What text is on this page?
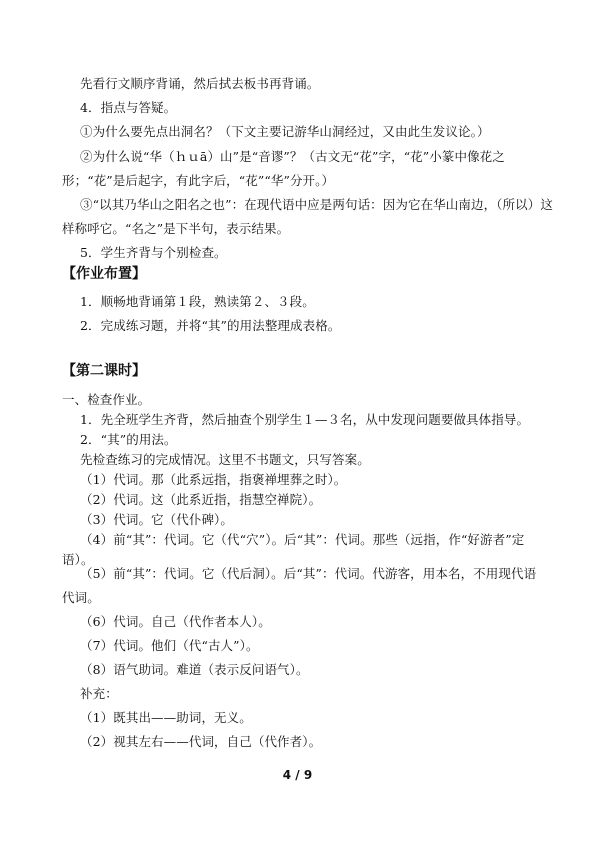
先看行文顺序背诵，然后拭去板书再背诵。
4．指点与答疑。
①为什么要先点出洞名？（下文主要记游华山洞经过，又由此生发议论。）
②为什么说“华（ｈｕā）山”是“音谬”？（古文无“花”字，“花”小篆中像花之
形；“花”是后起字，有此字后，“花”“华”分开。）
③“以其乃华山之阳名之也”：在现代语中应是两句话：因为它在华山南边，（所以）这
样称呼它。“名之”是下半句，表示结果。
5．学生齐背与个别检查。
【作业布置】
1．顺畅地背诵第１段，熟读第２、３段。
2．完成练习题，并将“其”的用法整理成表格。
【第二课时】
一、检查作业。
1．先全班学生齐背，然后抽查个别学生１—３名，从中发现问题要做具体指导。
2．“其”的用法。
先检查练习的完成情况。这里不书题文，只写答案。
（1）代词。那（此系远指，指褒禅埋葬之时）。
（2）代词。这（此系近指，指慧空禅院）。
（3）代词。它（代仆碑）。
（4）前“其”：代词。它（代“穴”）。后“其”：代词。那些（远指，作“好游者”定
语）。
（5）前“其”：代词。它（代后洞）。后“其”：代词。代游客，用本名，不用现代语
代词。
（6）代词。自己（代作者本人）。
（7）代词。他们（代“古人”）。
（8）语气助词。难道（表示反问语气）。
补充：
4 / 9
（1）既其出——助词，无义。
（2）视其左右——代词，自己（代作者）。
